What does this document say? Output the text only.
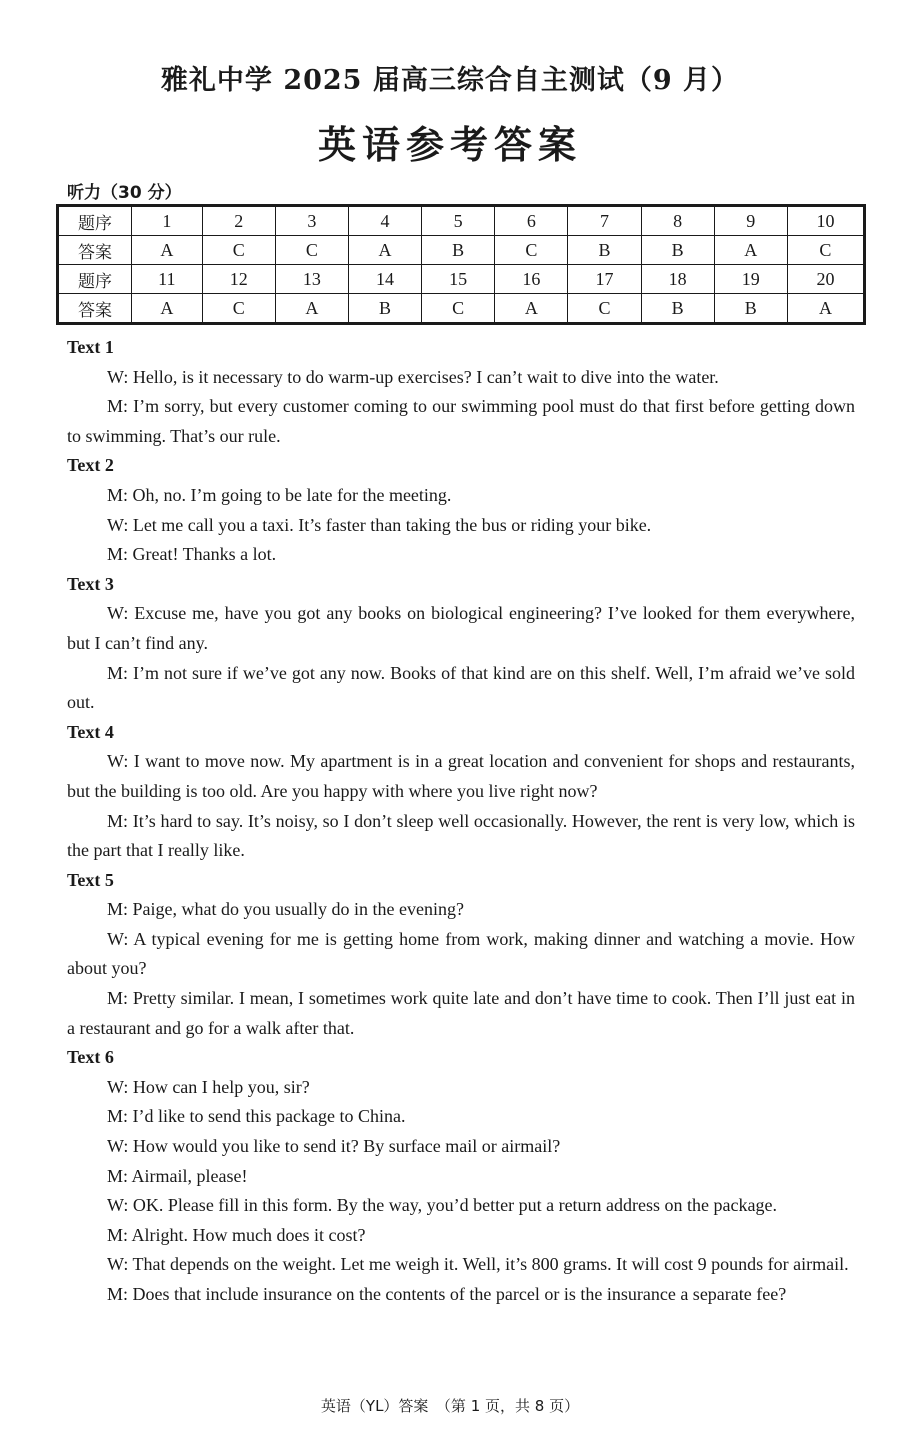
雅礼中学 2025 届高三综合自主测试（9 月）
英语参考答案
听力（30 分）
题序	1	2	3	4	5	6	7	8	9	10
答案	A	C	C	A	B	C	B	B	A	C
题序	11	12	13	14	15	16	17	18	19	20
答案	A	C	A	B	C	A	C	B	B	A
Text 1
W: Hello, is it necessary to do warm-up exercises? I can’t wait to dive into the water.
M: I’m sorry, but every customer coming to our swimming pool must do that first before getting down to swimming. That’s our rule.
Text 2
M: Oh, no. I’m going to be late for the meeting.
W: Let me call you a taxi. It’s faster than taking the bus or riding your bike.
M: Great! Thanks a lot.
Text 3
W: Excuse me, have you got any books on biological engineering? I’ve looked for them everywhere, but I can’t find any.
M: I’m not sure if we’ve got any now. Books of that kind are on this shelf. Well, I’m afraid we’ve sold out.
Text 4
W: I want to move now. My apartment is in a great location and convenient for shops and restaurants, but the building is too old. Are you happy with where you live right now?
M: It’s hard to say. It’s noisy, so I don’t sleep well occasionally. However, the rent is very low, which is the part that I really like.
Text 5
M: Paige, what do you usually do in the evening?
W: A typical evening for me is getting home from work, making dinner and watching a movie. How about you?
M: Pretty similar. I mean, I sometimes work quite late and don’t have time to cook. Then I’ll just eat in a restaurant and go for a walk after that.
Text 6
W: How can I help you, sir?
M: I’d like to send this package to China.
W: How would you like to send it? By surface mail or airmail?
M: Airmail, please!
W: OK. Please fill in this form. By the way, you’d better put a return address on the package.
M: Alright. How much does it cost?
W: That depends on the weight. Let me weigh it. Well, it’s 800 grams. It will cost 9 pounds for airmail.
M: Does that include insurance on the contents of the parcel or is the insurance a separate fee?
英语（YL）答案　（第 1 页，共 8 页）
